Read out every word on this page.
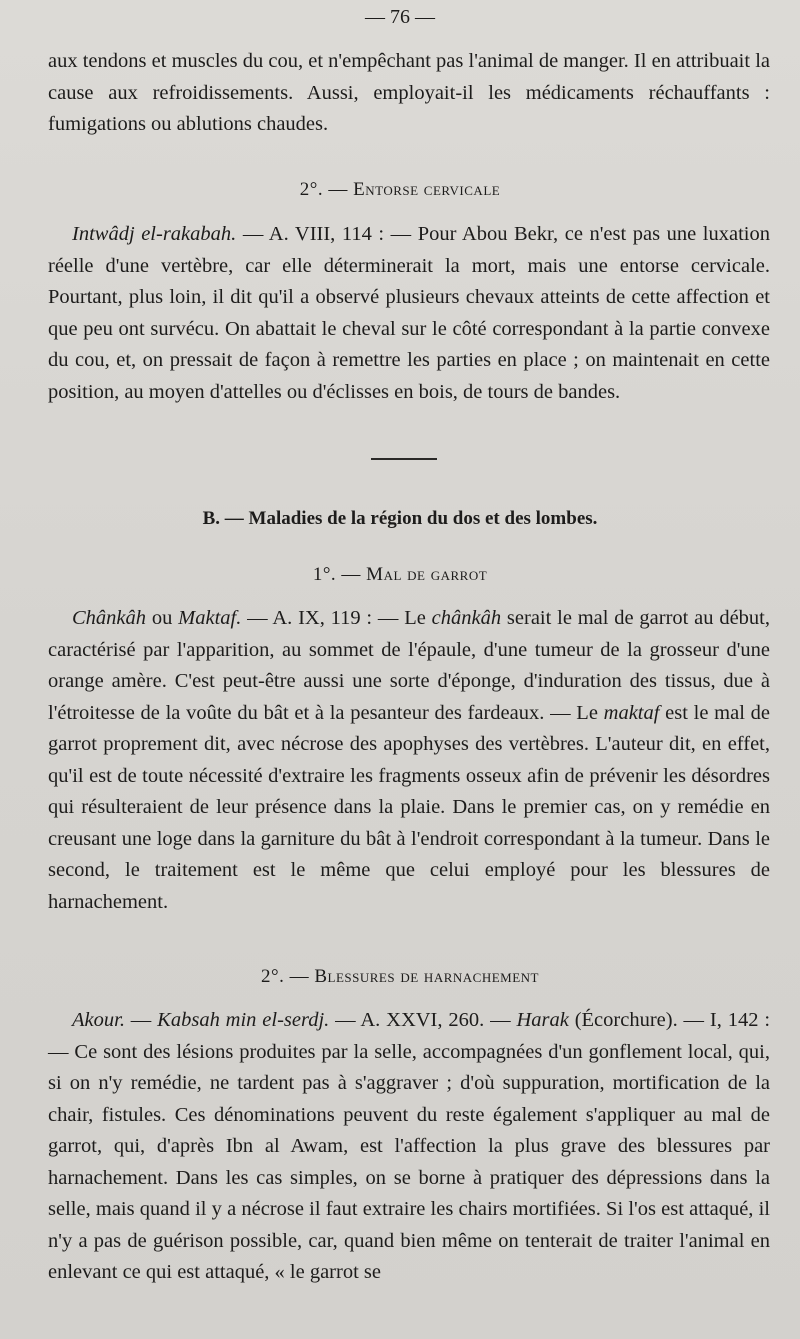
— 76 —

aux tendons et muscles du cou, et n'empêchant pas l'animal de manger. Il en attribuait la cause aux refroidissements. Aussi, employait-il les médicaments réchauffants : fumigations ou ablutions chaudes.

2°. — Entorse cervicale

Intwâdj el-rakabah. — A. VIII, 114 : — Pour Abou Bekr, ce n'est pas une luxation réelle d'une vertèbre, car elle déterminerait la mort, mais une entorse cervicale. Pourtant, plus loin, il dit qu'il a observé plusieurs chevaux atteints de cette affection et que peu ont survécu. On abattait le cheval sur le côté correspondant à la partie convexe du cou, et, on pressait de façon à remettre les parties en place ; on maintenait en cette position, au moyen d'attelles ou d'éclisses en bois, de tours de bandes.

B. — Maladies de la région du dos et des lombes.
1°. — Mal de garrot

Chânkâh ou Maktaf. — A. IX, 119 : — Le chânkâh serait le mal de garrot au début, caractérisé par l'apparition, au sommet de l'épaule, d'une tumeur de la grosseur d'une orange amère. C'est peut-être aussi une sorte d'éponge, d'induration des tissus, due à l'étroitesse de la voûte du bât et à la pesanteur des fardeaux. — Le maktaf est le mal de garrot proprement dit, avec nécrose des apophyses des vertèbres. L'auteur dit, en effet, qu'il est de toute nécessité d'extraire les fragments osseux afin de prévenir les désordres qui résulteraient de leur présence dans la plaie. Dans le premier cas, on y remédie en creusant une loge dans la garniture du bât à l'endroit correspondant à la tumeur. Dans le second, le traitement est le même que celui employé pour les blessures de harnachement.

2°. — Blessures de harnachement

Akour. — Kabsah min el-serdj. — A. XXVI, 260. — Harak (Écorchure). — I, 142 : — Ce sont des lésions produites par la selle, accompagnées d'un gonflement local, qui, si on n'y remédie, ne tardent pas à s'aggraver ; d'où suppuration, mortification de la chair, fistules. Ces dénominations peuvent du reste également s'appliquer au mal de garrot, qui, d'après Ibn al Awam, est l'affection la plus grave des blessures par harnachement. Dans les cas simples, on se borne à pratiquer des dépressions dans la selle, mais quand il y a nécrose il faut extraire les chairs mortifiées. Si l'os est attaqué, il n'y a pas de guérison possible, car, quand bien même on tenterait de traiter l'animal en enlevant ce qui est attaqué, « le garrot se
